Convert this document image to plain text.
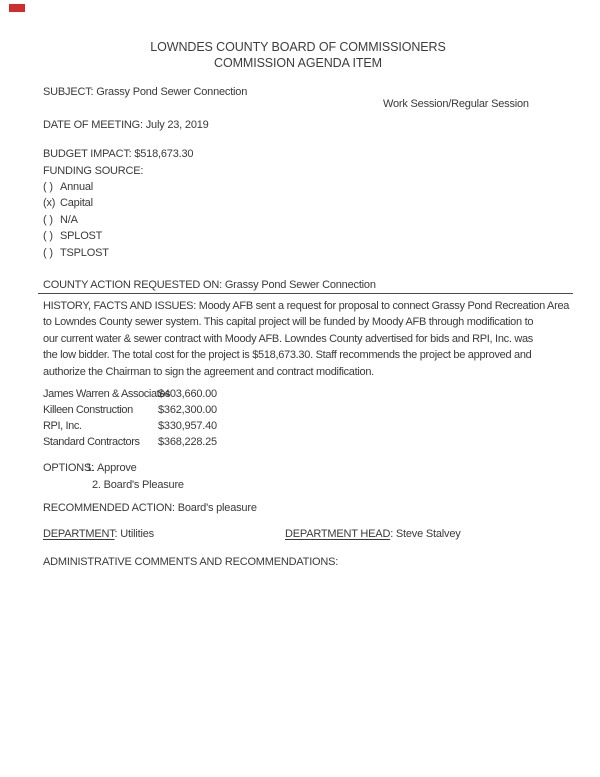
LOWNDES COUNTY BOARD OF COMMISSIONERS
COMMISSION AGENDA ITEM
SUBJECT: Grassy Pond Sewer Connection
Work Session/Regular Session
DATE OF MEETING: July 23, 2019
BUDGET IMPACT: $518,673.30
FUNDING SOURCE:
( ) Annual
(x) Capital
( ) N/A
( ) SPLOST
( ) TSPLOST
COUNTY ACTION REQUESTED ON: Grassy Pond Sewer Connection
HISTORY, FACTS AND ISSUES: Moody AFB sent a request for proposal to connect Grassy Pond Recreation Area
to Lowndes County sewer system. This capital project will be funded by Moody AFB through modification to
our current water & sewer contract with Moody AFB. Lowndes County advertised for bids and RPI, Inc. was
the low bidder. The total cost for the project is $518,673.30. Staff recommends the project be approved and
authorize the Chairman to sign the agreement and contract modification.
James Warren & Associates$403,660.00
Killeen Construction $362,300.00
RPI, Inc.	$330,957.40
Standard Contractors $368,228.25
OPTIONS:1. Approve
2. Board's Pleasure
RECOMMENDED ACTION: Board's pleasure
DEPARTMENT: Utilities	DEPARTMENT HEAD: Steve Stalvey
ADMINISTRATIVE COMMENTS AND RECOMMENDATIONS:
